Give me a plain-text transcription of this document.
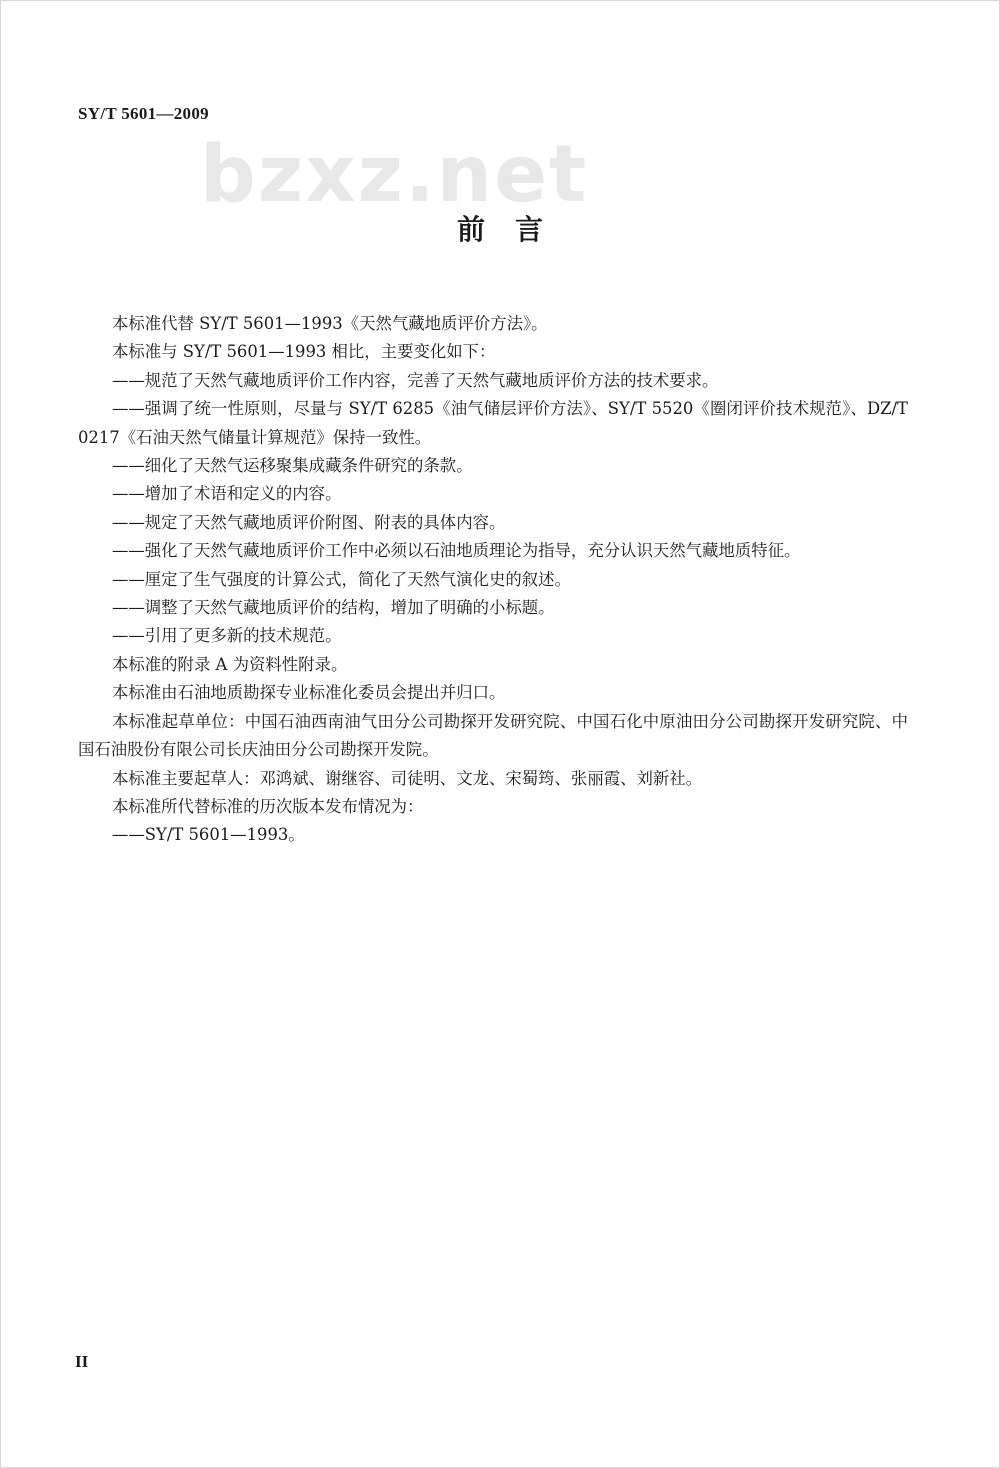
SY/T 5601—2009
bzxz.net
前言

本标准代替 SY/T 5601—1993《天然气藏地质评价方法》。

本标准与 SY/T 5601—1993 相比，主要变化如下：

——规范了天然气藏地质评价工作内容，完善了天然气藏地质评价方法的技术要求。

——强调了统一性原则，尽量与 SY/T 6285《油气储层评价方法》、SY/T 5520《圈闭评价技术规范》、DZ/T 0217《石油天然气储量计算规范》保持一致性。

——细化了天然气运移聚集成藏条件研究的条款。

——增加了术语和定义的内容。

——规定了天然气藏地质评价附图、附表的具体内容。

——强化了天然气藏地质评价工作中必须以石油地质理论为指导，充分认识天然气藏地质特征。

——厘定了生气强度的计算公式，简化了天然气演化史的叙述。

——调整了天然气藏地质评价的结构，增加了明确的小标题。

——引用了更多新的技术规范。

本标准的附录 A 为资料性附录。

本标准由石油地质勘探专业标准化委员会提出并归口。

本标准起草单位：中国石油西南油气田分公司勘探开发研究院、中国石化中原油田分公司勘探开发研究院、中国石油股份有限公司长庆油田分公司勘探开发院。

本标准主要起草人：邓鸿斌、谢继容、司徒明、文龙、宋蜀筠、张丽霞、刘新社。

本标准所代替标准的历次版本发布情况为：

——SY/T 5601—1993。

II
